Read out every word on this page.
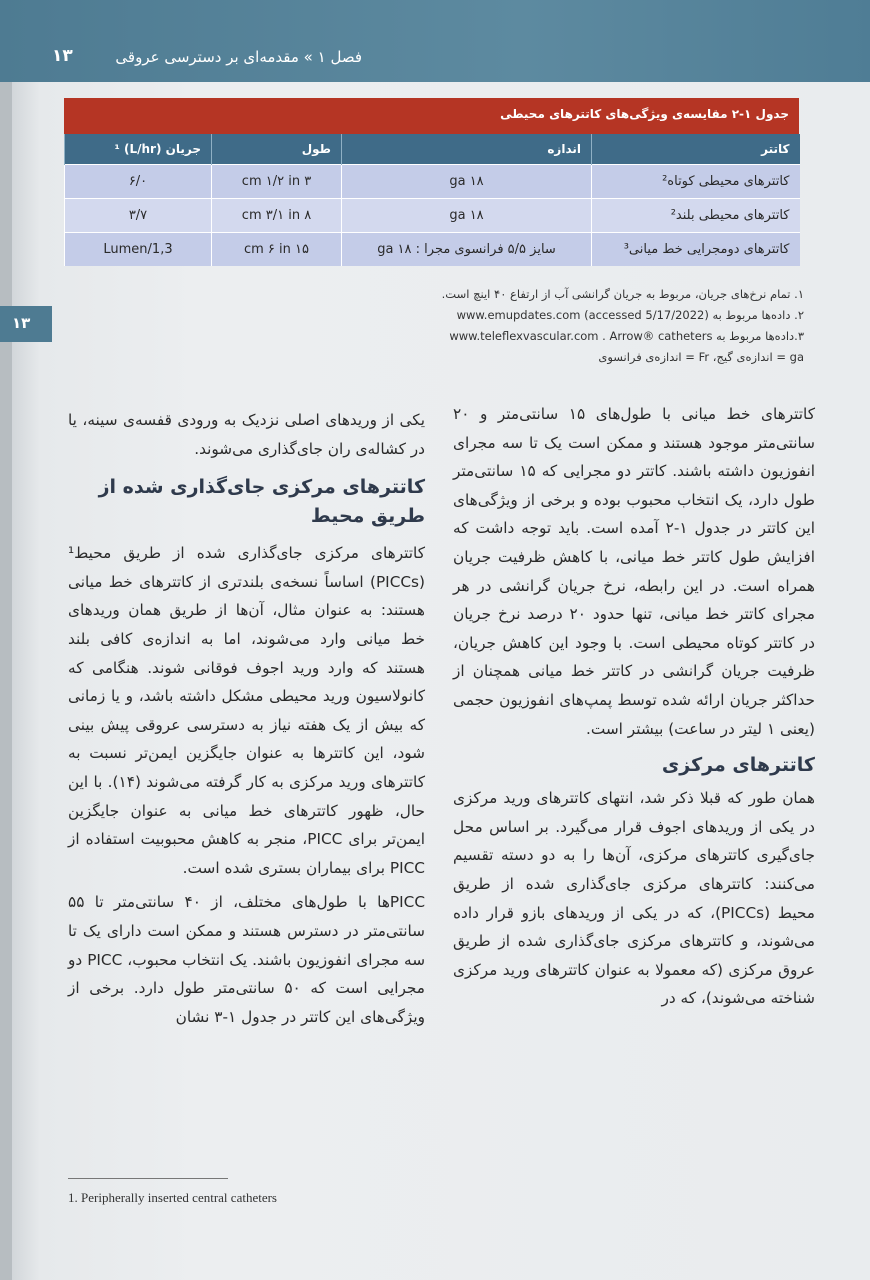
۱۳	فصل ۱ » مقدمه‌ای بر دسترسی عروقی
۱۳
جدول ۱-۲ مقایسه‌ی ویژگی‌های کاتترهای محیطی
کاتتر	اندازه	طول	جریان (L/hr) ¹
کاتترهای محیطی کوتاه²	۱۸ ga	۳ cm ۱/۲ in	۶/۰
کاتترهای محیطی بلند²	۱۸ ga	۸ cm ۳/۱ in	۳/۷
کاتترهای دومجرایی خط میانی³	سایز ۵/۵ فرانسوی مجرا : ۱۸ ga	۱۵ cm ۶ in	1,3/Lumen
۱. تمام نرخ‌های جریان، مربوط به جریان گرانشی آب از ارتفاع ۴۰ اینچ است.
۲. داده‌ها مربوط به (accessed 5/17/2022) www.emupdates.com
۳.داده‌ها مربوط به www.teleflexvascular.com . Arrow® catheters
ga = اندازه‌ی گیج، Fr = اندازه‌ی فرانسوی

کاتترهای خط میانی با طول‌های ۱۵ سانتی‌متر و ۲۰ سانتی‌متر موجود هستند و ممکن است یک تا سه مجرای انفوزیون داشته باشند. کاتتر دو مجرایی که ۱۵ سانتی‌متر طول دارد، یک انتخاب محبوب بوده و برخی از ویژگی‌های این کاتتر در جدول ۱-۲ آمده است. باید توجه داشت که افزایش طول کاتتر خط میانی، با کاهش ظرفیت جریان همراه است. در این رابطه، نرخ جریان گرانشی در هر مجرای کاتتر خط میانی، تنها حدود ۲۰ درصد نرخ جریان در کاتتر کوتاه محیطی است. با وجود این کاهش جریان، ظرفیت جریان گرانشی در کاتتر خط میانی همچنان از حداکثر جریان ارائه شده توسط پمپ‌های انفوزیون حجمی (یعنی ۱ لیتر در ساعت) بیشتر است.

کاتترهای مرکزی

همان طور که قبلا ذکر شد، انتهای کاتترهای ورید مرکزی در یکی از وریدهای اجوف قرار می‌گیرد. بر اساس محل جای‌گیری کاتترهای مرکزی، آن‌ها را به دو دسته تقسیم می‌کنند: کاتترهای مرکزی جای‌گذاری شده از طریق محیط (PICCs)، که در یکی از وریدهای بازو قرار داده می‌شوند، و کاتترهای مرکزی جای‌گذاری شده از طریق عروق مرکزی (که معمولا به عنوان کاتترهای ورید مرکزی شناخته می‌شوند)، که در

یکی از وریدهای اصلی نزدیک به ورودی قفسه‌ی سینه، یا در کشاله‌ی ران جای‌گذاری می‌شوند.

کاتترهای مرکزی جای‌گذاری شده از طریق محیط

کاتترهای مرکزی جای‌گذاری شده از طریق محیط¹ (PICCs) اساساً نسخه‌ی بلندتری از کاتترهای خط میانی هستند: به عنوان مثال، آن‌ها از طریق همان وریدهای خط میانی وارد می‌شوند، اما به اندازه‌ی کافی بلند هستند که وارد ورید اجوف فوقانی شوند. هنگامی که کانولاسیون ورید محیطی مشکل داشته باشد، و یا زمانی که بیش از یک هفته نیاز به دسترسی عروقی پیش بینی شود، این کاتترها به عنوان جایگزین ایمن‌تر نسبت به کاتترهای ورید مرکزی به کار گرفته می‌شوند (۱۴). با این حال، ظهور کاتترهای خط میانی به عنوان جایگزین ایمن‌تر برای PICC، منجر به کاهش محبوبیت استفاده از PICC برای بیماران بستری شده است.

PICCها با طول‌های مختلف، از ۴۰ سانتی‌متر تا ۵۵ سانتی‌متر در دسترس هستند و ممکن است دارای یک تا سه مجرای انفوزیون باشند. یک انتخاب محبوب، PICC دو مجرایی است که ۵۰ سانتی‌متر طول دارد. برخی از ویژگی‌های این کاتتر در جدول ۱-۳ نشان

1. Peripherally inserted central catheters
